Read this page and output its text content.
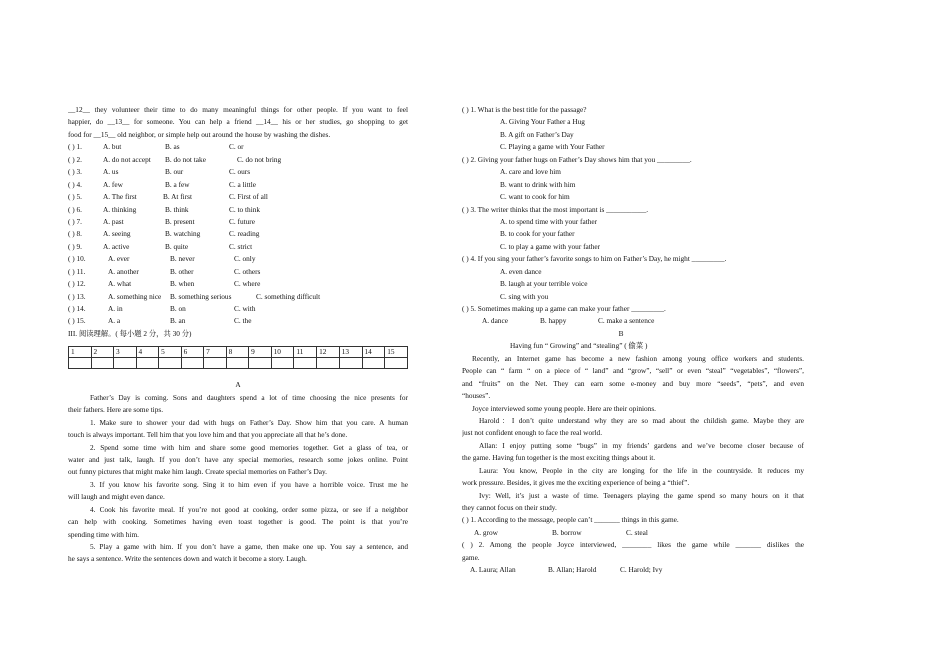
__12__ they volunteer their time to do many meaningful things for other people. If you want to feel
happier, do __13__ for someone. You can help a friend __14__ his or her studies, go shopping to get
food for __15__ old neighbor, or simple help out around the house by washing the dishes.
( ) 1.	A. but	B. as	C. or
( ) 2.	A. do not accept B. do not take	C. do not bring
( ) 3.	A. us	B. our	C. ours
( ) 4.	A. few	B. a few	C. a little
( ) 5.	A. The first	B. At first	C. First of all
( ) 6.	A. thinking	B. think	C. to think
( ) 7.	A. past	B. present	C. future
( ) 8.	A. seeing	B. watching	C. reading
( ) 9.	A. active	B. quite	C. strict
( ) 10.	A. ever	B. never	C. only
( ) 11.	A. another	B. other	C. others
( ) 12.	A. what	B. when	C. where
( ) 13.	A. something nice B. something serious	C. something difficult
( ) 14.	A. in	B. on	C. with
( ) 15.	A. a	B. an	C. the
III. 阅读理解。( 每小题 2 分，共 30 分)
1	2	3	4	5	6	7	8	9	10	11	12	13	14	15

A
Father’s Day is coming. Sons and daughters spend a lot of time choosing the nice presents for
their fathers. Here are some tips.
1. Make sure to shower your dad with hugs on Father’s Day. Show him that you care. A human
touch is always important. Tell him that you love him and that you appreciate all that he’s done.
2. Spend some time with him and share some good memories together. Get a glass of tea, or
water and just talk, laugh. If you don’t have any special memories, research some jokes online. Point
out funny pictures that might make him laugh. Create special memories on Father’s Day.
3. If you know his favorite song. Sing it to him even if you have a horrible voice. Trust me he
will laugh and might even dance.
4. Cook his favorite meal. If you’re not good at cooking, order some pizza, or see if a neighbor
can help with cooking. Sometimes having even toast together is good. The point is that you’re
spending time with him.
5. Play a game with him. If you don’t have a game, then make one up. You say a sentence, and
he says a sentence. Write the sentences down and watch it become a story. Laugh.
( ) 1. What is the best title for the passage?
A. Giving Your Father a Hug
B. A gift on Father’s Day
C. Playing a game with Your Father
( ) 2. Giving your father hugs on Father’s Day shows him that you _________.
A. care and love him
B. want to drink with him
C. want to cook for him
( ) 3. The writer thinks that the most important is ___________.
A. to spend time with your father
B. to cook for your father
C. to play a game with your father
( ) 4. If you sing your father’s favorite songs to him on Father’s Day, he might _________.
A. even dance
B. laugh at your terrible voice
C. sing with you
( ) 5. Sometimes making up a game can make your father _________.
A. dance	B. happy	C. make a sentence
B
Having fun “ Growing” and “stealing” ( 偷菜 )
Recently, an Internet game has become a new fashion among young office workers and students.
People can “ farm “ on a piece of “ land” and “grow”, “sell” or even “steal” “vegetables”, “flowers”,
and “fruits” on the Net. They can earn some e-money and buy more “seeds”, “pets”, and even
“houses”.
Joyce interviewed some young people. Here are their opinions.
Harold：I don’t quite understand why they are so mad about the childish game. Maybe they are
just not confident enough to face the real world.
Allan: I enjoy putting some “bugs” in my friends’ gardens and we’ve become closer because of
the game. Having fun together is the most exciting things about it.
Laura: You know, People in the city are longing for the life in the countryside. It reduces my
work pressure. Besides, it gives me the exciting experience of being a “thief”.
Ivy: Well, it’s just a waste of time. Teenagers playing the game spend so many hours on it that
they cannot focus on their study.
( ) 1. According to the message, people can’t _______ things in this game.
A. grow	B. borrow	C. steal
( ) 2. Among the people Joyce interviewed, ________ likes the game while _______ dislikes the
game.
A. Laura; Allan	B. Allan; Harold	C. Harold; Ivy
